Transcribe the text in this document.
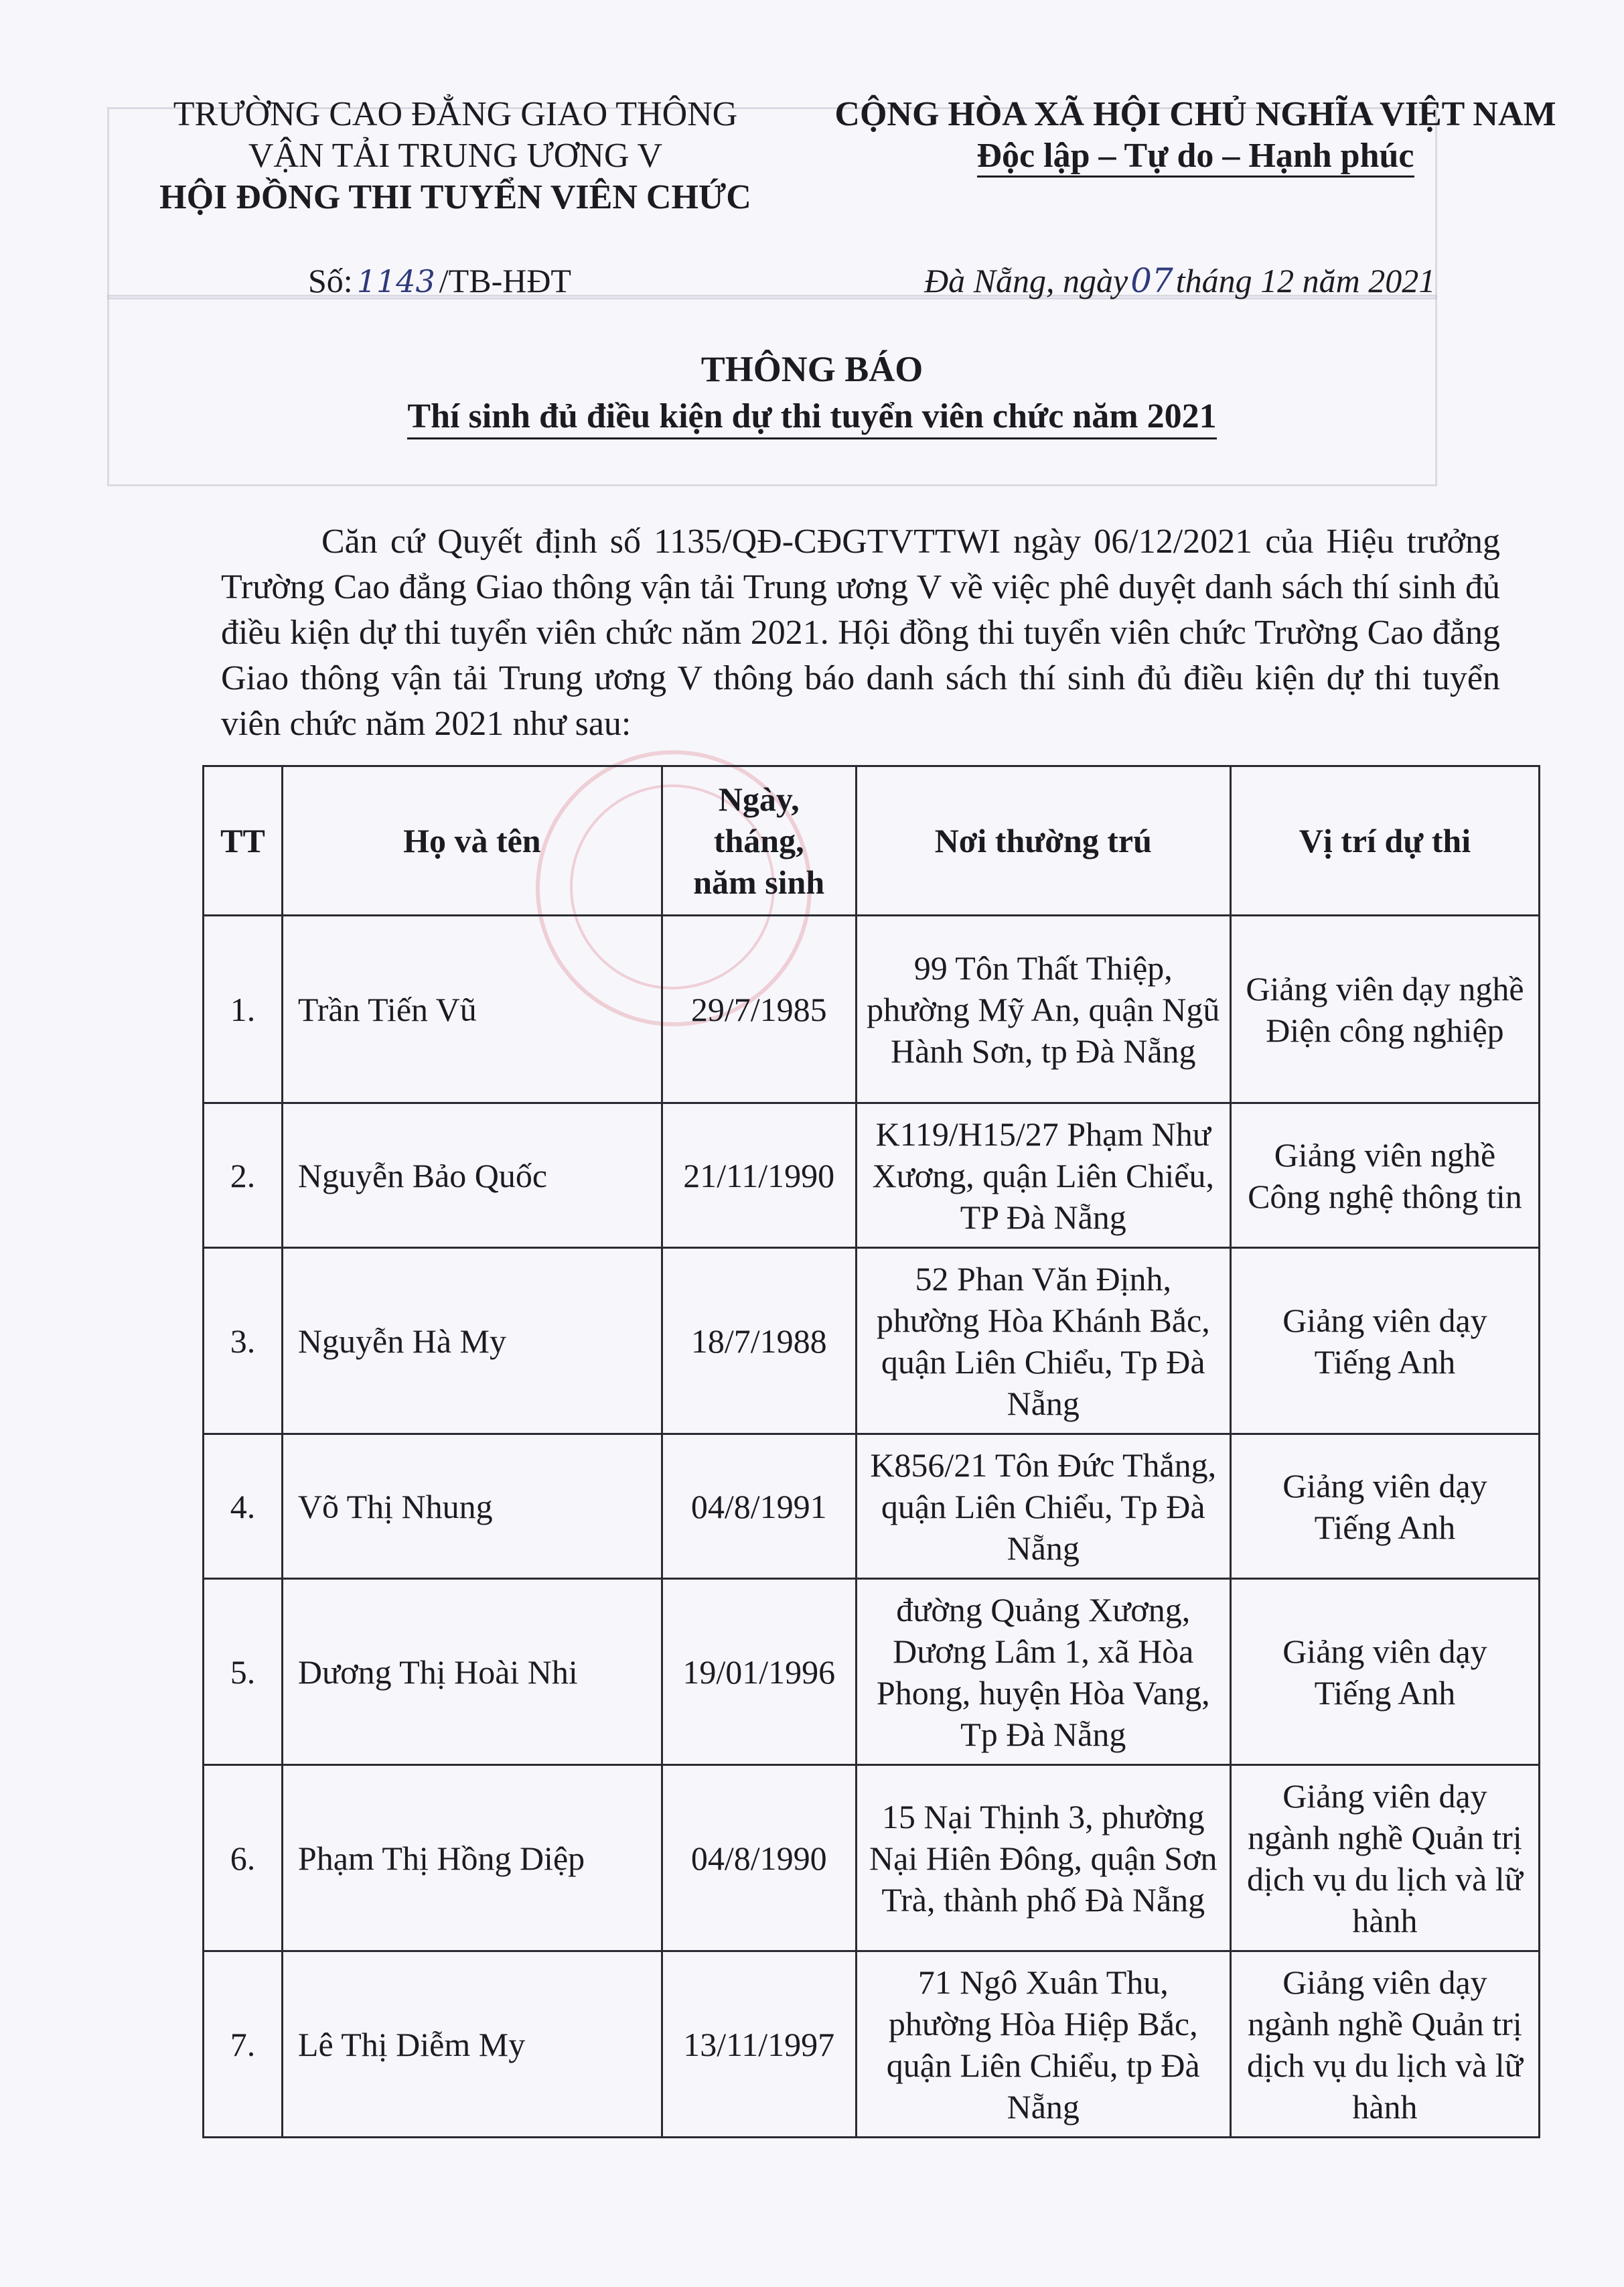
TRƯỜNG CAO ĐẲNG GIAO THÔNG
VẬN TẢI TRUNG ƯƠNG V
HỘI ĐỒNG THI TUYỂN VIÊN CHỨC
CỘNG HÒA XÃ HỘI CHỦ NGHĨA VIỆT NAM
Độc lập – Tự do – Hạnh phúc
Số: 1143 /TB-HĐT	Đà Nẵng, ngày07tháng 12 năm 2021
THÔNG BÁO
Thí sinh đủ điều kiện dự thi tuyển viên chức năm 2021
Căn cứ Quyết định số 1135/QĐ-CĐGTVTTWI ngày 06/12/2021 của Hiệu trưởng Trường Cao đẳng Giao thông vận tải Trung ương V về việc phê duyệt danh sách thí sinh đủ điều kiện dự thi tuyển viên chức năm 2021. Hội đồng thi tuyển viên chức Trường Cao đẳng Giao thông vận tải Trung ương V thông báo danh sách thí sinh đủ điều kiện dự thi tuyển viên chức năm 2021 như sau:
TT	Họ và tên	Ngày,
tháng,
năm sinh	Nơi thường trú	Vị trí dự thi
1.	Trần Tiến Vũ	29/7/1985	99 Tôn Thất Thiệp, phường Mỹ An, quận Ngũ Hành Sơn, tp Đà Nẵng	Giảng viên dạy nghề Điện công nghiệp
2.	Nguyễn Bảo Quốc	21/11/1990	K119/H15/27 Phạm Như Xương, quận Liên Chiểu, TP Đà Nẵng	Giảng viên nghề Công nghệ thông tin
3.	Nguyễn Hà My	18/7/1988	52 Phan Văn Định, phường Hòa Khánh Bắc, quận Liên Chiểu, Tp Đà Nẵng	Giảng viên dạy Tiếng Anh
4.	Võ Thị Nhung	04/8/1991	K856/21 Tôn Đức Thắng, quận Liên Chiểu, Tp Đà Nẵng	Giảng viên dạy Tiếng Anh
5.	Dương Thị Hoài Nhi	19/01/1996	đường Quảng Xương, Dương Lâm 1, xã Hòa Phong, huyện Hòa Vang, Tp Đà Nẵng	Giảng viên dạy Tiếng Anh
6.	Phạm Thị Hồng Diệp	04/8/1990	15 Nại Thịnh 3, phường Nại Hiên Đông, quận Sơn Trà, thành phố Đà Nẵng	Giảng viên dạy ngành nghề Quản trị dịch vụ du lịch và lữ hành
7.	Lê Thị Diễm My	13/11/1997	71 Ngô Xuân Thu, phường Hòa Hiệp Bắc, quận Liên Chiểu, tp Đà Nẵng	Giảng viên dạy ngành nghề Quản trị dịch vụ du lịch và lữ hành
